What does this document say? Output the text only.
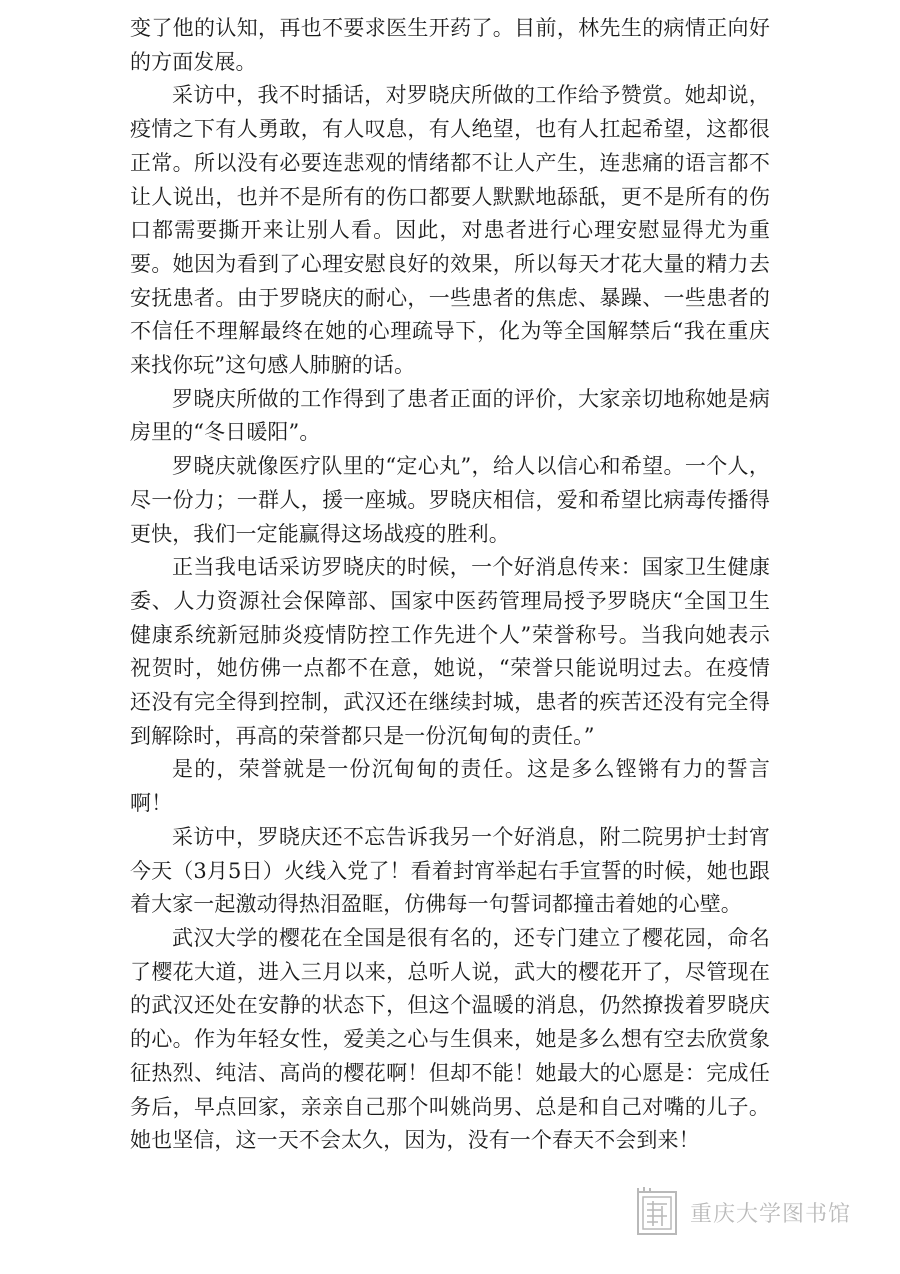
变了他的认知，再也不要求医生开药了。目前，林先生的病情正向好的方面发展。

采访中，我不时插话，对罗晓庆所做的工作给予赞赏。她却说，疫情之下有人勇敢，有人叹息，有人绝望，也有人扛起希望，这都很正常。所以没有必要连悲观的情绪都不让人产生，连悲痛的语言都不让人说出，也并不是所有的伤口都要人默默地舔舐，更不是所有的伤口都需要撕开来让别人看。因此，对患者进行心理安慰显得尤为重要。她因为看到了心理安慰良好的效果，所以每天才花大量的精力去安抚患者。由于罗晓庆的耐心，一些患者的焦虑、暴躁、一些患者的不信任不理解最终在她的心理疏导下，化为等全国解禁后“我在重庆来找你玩”这句感人肺腑的话。

罗晓庆所做的工作得到了患者正面的评价，大家亲切地称她是病房里的“冬日暖阳”。

罗晓庆就像医疗队里的“定心丸”，给人以信心和希望。一个人，尽一份力；一群人，援一座城。罗晓庆相信，爱和希望比病毒传播得更快，我们一定能赢得这场战疫的胜利。

正当我电话采访罗晓庆的时候，一个好消息传来：国家卫生健康委、人力资源社会保障部、国家中医药管理局授予罗晓庆“全国卫生健康系统新冠肺炎疫情防控工作先进个人”荣誉称号。当我向她表示祝贺时，她仿佛一点都不在意，她说，“荣誉只能说明过去。在疫情还没有完全得到控制，武汉还在继续封城，患者的疾苦还没有完全得到解除时，再高的荣誉都只是一份沉甸甸的责任。”

是的，荣誉就是一份沉甸甸的责任。这是多么铿锵有力的誓言啊！

采访中，罗晓庆还不忘告诉我另一个好消息，附二院男护士封宵今天（3月5日）火线入党了！看着封宵举起右手宣誓的时候，她也跟着大家一起激动得热泪盈眶，仿佛每一句誓词都撞击着她的心壁。

武汉大学的樱花在全国是很有名的，还专门建立了樱花园，命名了樱花大道，进入三月以来，总听人说，武大的樱花开了，尽管现在的武汉还处在安静的状态下，但这个温暖的消息，仍然撩拨着罗晓庆的心。作为年轻女性，爱美之心与生俱来，她是多么想有空去欣赏象征热烈、纯洁、高尚的樱花啊！但却不能！她最大的心愿是：完成任务后，早点回家，亲亲自己那个叫姚尚男、总是和自己对嘴的儿子。她也坚信，这一天不会太久，因为，没有一个春天不会到来！

重庆大学图书馆
